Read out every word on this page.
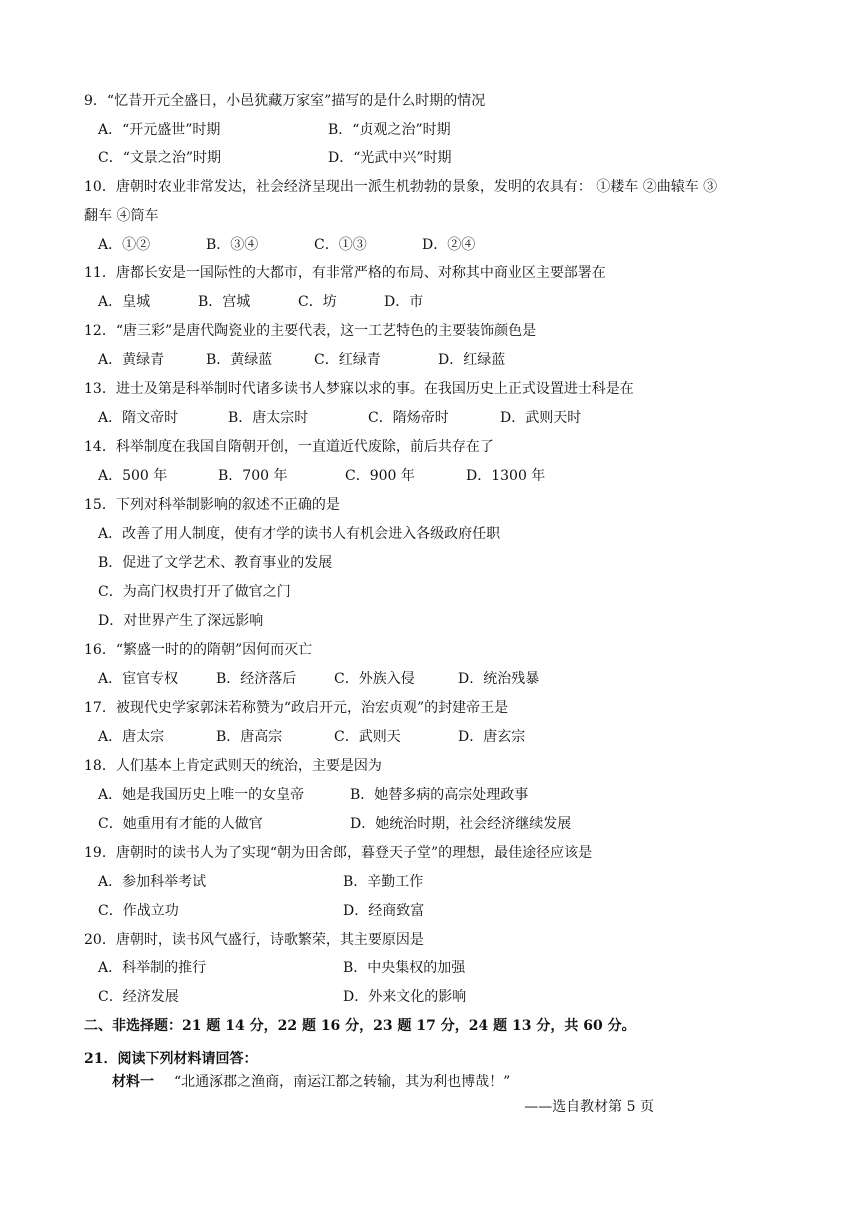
9．“忆昔开元全盛日，小邑犹藏万家室”描写的是什么时期的情况
A．“开元盛世”时期	B．“贞观之治”时期
C．“文景之治”时期	D．“光武中兴”时期
10．唐朝时农业非常发达，社会经济呈现出一派生机勃勃的景象，发明的农具有： ①耧车 ②曲辕车 ③
翻车 ④筒车
A．①②	B．③④	C．①③	D．②④
11．唐都长安是一国际性的大都市，有非常严格的布局、对称其中商业区主要部署在
A．皇城	B．宫城	C．坊	D．市
12．“唐三彩”是唐代陶瓷业的主要代表，这一工艺特色的主要装饰颜色是
A．黄绿青	B．黄绿蓝	C．红绿青	D．红绿蓝
13．进士及第是科举制时代诸多读书人梦寐以求的事。在我国历史上正式设置进士科是在
A．隋文帝时	B．唐太宗时	C．隋炀帝时	D．武则天时
14．科举制度在我国自隋朝开创，一直道近代废除，前后共存在了
A．500 年	B．700 年	C．900 年	D．1300 年
15．下列对科举制影响的叙述不正确的是
A．改善了用人制度，使有才学的读书人有机会进入各级政府任职
B．促进了文学艺术、教育事业的发展
C．为高门权贵打开了做官之门
D．对世界产生了深远影响
16．“繁盛一时的的隋朝”因何而灭亡
A．宦官专权	B．经济落后	C．外族入侵	D．统治残暴
17．被现代史学家郭沫若称赞为“政启开元，治宏贞观”的封建帝王是
A．唐太宗	B．唐高宗	C．武则天	D．唐玄宗
18．人们基本上肯定武则天的统治，主要是因为
A．她是我国历史上唯一的女皇帝	B．她替多病的高宗处理政事
C．她重用有才能的人做官	D．她统治时期，社会经济继续发展
19．唐朝时的读书人为了实现“朝为田舍郎，暮登天子堂”的理想，最佳途径应该是
A．参加科举考试	B．辛勤工作
C．作战立功	D．经商致富
20．唐朝时，读书风气盛行，诗歌繁荣，其主要原因是
A．科举制的推行	B．中央集权的加强
C．经济发展	D．外来文化的影响
二、非选择题：21 题 14 分，22 题 16 分，23 题 17 分，24 题 13 分，共 60 分。
21．阅读下列材料请回答：
材料一 “北通涿郡之渔商，南运江都之转输，其为利也博哉！”
——选自教材第 5 页
